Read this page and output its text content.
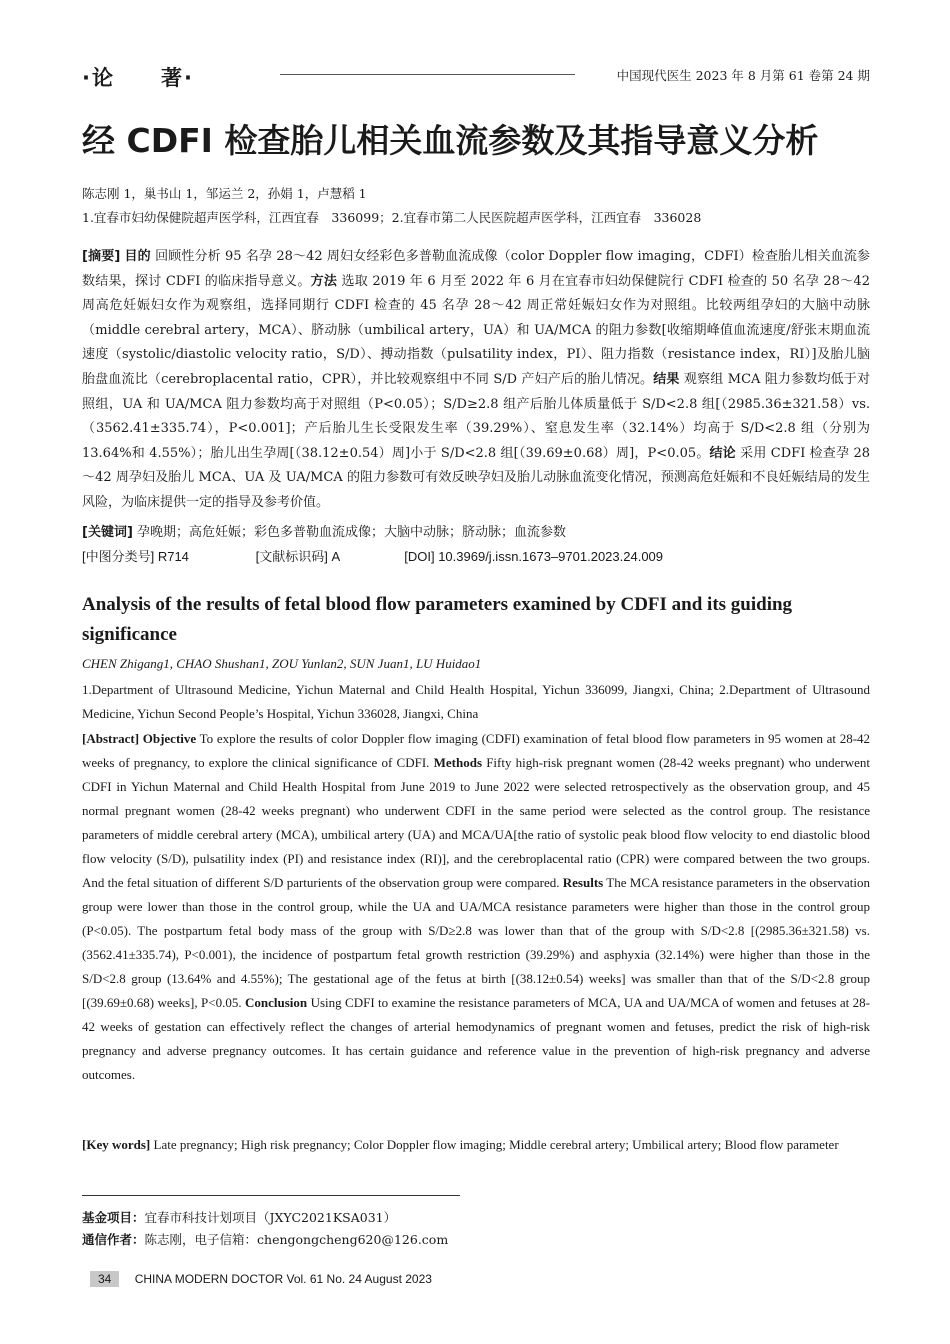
·论　　著·	中国现代医生 2023 年 8 月第 61 卷第 24 期
经 CDFI 检查胎儿相关血流参数及其指导意义分析
陈志刚 1，巢书山 1，邹运兰 2，孙娟 1，卢慧稻 1
1.宜春市妇幼保健院超声医学科，江西宜春　336099；2.宜春市第二人民医院超声医学科，江西宜春　336028
[摘要] 目的 回顾性分析 95 名孕 28～42 周妇女经彩色多普勒血流成像（color Doppler flow imaging，CDFI）检查胎儿相关血流参数结果，探讨 CDFI 的临床指导意义。方法 选取 2019 年 6 月至 2022 年 6 月在宜春市妇幼保健院行 CDFI 检查的 50 名孕 28～42 周高危妊娠妇女作为观察组，选择同期行 CDFI 检查的 45 名孕 28～42 周正常妊娠妇女作为对照组。比较两组孕妇的大脑中动脉（middle cerebral artery，MCA）、脐动脉（umbilical artery，UA）和 UA/MCA 的阻力参数[收缩期峰值血流速度/舒张末期血流速度（systolic/diastolic velocity ratio，S/D）、搏动指数（pulsatility index，PI）、阻力指数（resistance index，RI）]及胎儿脑胎盘血流比（cerebroplacental ratio，CPR），并比较观察组中不同 S/D 产妇产后的胎儿情况。结果 观察组 MCA 阻力参数均低于对照组，UA 和 UA/MCA 阻力参数均高于对照组（P<0.05）；S/D≥2.8 组产后胎儿体质量低于 S/D<2.8 组[（2985.36±321.58）vs.（3562.41±335.74），P<0.001]；产后胎儿生长受限发生率（39.29%）、窒息发生率（32.14%）均高于 S/D<2.8 组（分别为 13.64%和 4.55%）；胎儿出生孕周[（38.12±0.54）周]小于 S/D<2.8 组[（39.69±0.68）周]，P<0.05。结论 采用 CDFI 检查孕 28～42 周孕妇及胎儿 MCA、UA 及 UA/MCA 的阻力参数可有效反映孕妇及胎儿动脉血流变化情况，预测高危妊娠和不良妊娠结局的发生风险，为临床提供一定的指导及参考价值。
[关键词] 孕晚期；高危妊娠；彩色多普勒血流成像；大脑中动脉；脐动脉；血流参数
[中图分类号] R714	[文献标识码] A	[DOI] 10.3969/j.issn.1673–9701.2023.24.009
Analysis of the results of fetal blood flow parameters examined by CDFI and its guiding significance
CHEN Zhigang1, CHAO Shushan1, ZOU Yunlan2, SUN Juan1, LU Huidao1
1.Department of Ultrasound Medicine, Yichun Maternal and Child Health Hospital, Yichun 336099, Jiangxi, China; 2.Department of Ultrasound Medicine, Yichun Second People’s Hospital, Yichun 336028, Jiangxi, China
[Abstract] Objective To explore the results of color Doppler flow imaging (CDFI) examination of fetal blood flow parameters in 95 women at 28-42 weeks of pregnancy, to explore the clinical significance of CDFI. Methods Fifty high-risk pregnant women (28-42 weeks pregnant) who underwent CDFI in Yichun Maternal and Child Health Hospital from June 2019 to June 2022 were selected retrospectively as the observation group, and 45 normal pregnant women (28-42 weeks pregnant) who underwent CDFI in the same period were selected as the control group. The resistance parameters of middle cerebral artery (MCA), umbilical artery (UA) and MCA/UA[the ratio of systolic peak blood flow velocity to end diastolic blood flow velocity (S/D), pulsatility index (PI) and resistance index (RI)], and the cerebroplacental ratio (CPR) were compared between the two groups. And the fetal situation of different S/D parturients of the observation group were compared. Results The MCA resistance parameters in the observation group were lower than those in the control group, while the UA and UA/MCA resistance parameters were higher than those in the control group (P<0.05). The postpartum fetal body mass of the group with S/D≥2.8 was lower than that of the group with S/D<2.8 [(2985.36±321.58) vs. (3562.41±335.74), P<0.001), the incidence of postpartum fetal growth restriction (39.29%) and asphyxia (32.14%) were higher than those in the S/D<2.8 group (13.64% and 4.55%); The gestational age of the fetus at birth [(38.12±0.54) weeks] was smaller than that of the S/D<2.8 group [(39.69±0.68) weeks], P<0.05. Conclusion Using CDFI to examine the resistance parameters of MCA, UA and UA/MCA of women and fetuses at 28-42 weeks of gestation can effectively reflect the changes of arterial hemodynamics of pregnant women and fetuses, predict the risk of high-risk pregnancy and adverse pregnancy outcomes. It has certain guidance and reference value in the prevention of high-risk pregnancy and adverse outcomes.
[Key words] Late pregnancy; High risk pregnancy; Color Doppler flow imaging; Middle cerebral artery; Umbilical artery; Blood flow parameter
基金项目：宜春市科技计划项目（JXYC2021KSA031）
通信作者：陈志刚，电子信箱：chengongcheng620@126.com
34 CHINA MODERN DOCTOR Vol. 61 No. 24 August 2023
